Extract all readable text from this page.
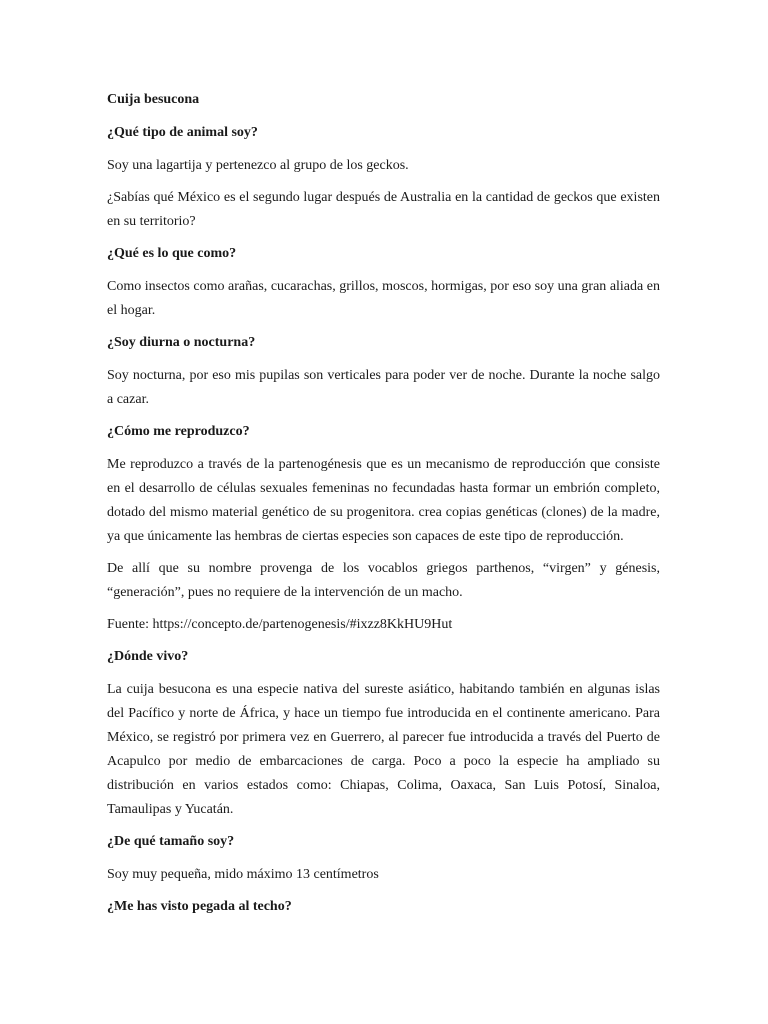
Cuija besucona
¿Qué tipo de animal soy?

Soy una lagartija y pertenezco al grupo de los geckos.

¿Sabías qué México es el segundo lugar después de Australia en la cantidad de geckos que existen en su territorio?

¿Qué es lo que como?

Como insectos como arañas, cucarachas, grillos, moscos, hormigas, por eso soy una gran aliada en el hogar.

¿Soy diurna o nocturna?

Soy nocturna, por eso mis pupilas son verticales para poder ver de noche. Durante la noche salgo a cazar.

¿Cómo me reproduzco?

Me reproduzco a través de la partenogénesis que es un mecanismo de reproducción que consiste en el desarrollo de células sexuales femeninas no fecundadas hasta formar un embrión completo, dotado del mismo material genético de su progenitora. crea copias genéticas (clones) de la madre, ya que únicamente las hembras de ciertas especies son capaces de este tipo de reproducción.

De allí que su nombre provenga de los vocablos griegos parthenos, “virgen” y génesis, “generación”, pues no requiere de la intervención de un macho.

Fuente: https://concepto.de/partenogenesis/#ixzz8KkHU9Hut

¿Dónde vivo?

La cuija besucona es una especie nativa del sureste asiático, habitando también en algunas islas del Pacífico y norte de África, y hace un tiempo fue introducida en el continente americano. Para México, se registró por primera vez en Guerrero, al parecer fue introducida a través del Puerto de Acapulco por medio de embarcaciones de carga. Poco a poco la especie ha ampliado su distribución en varios estados como: Chiapas, Colima, Oaxaca, San Luis Potosí, Sinaloa, Tamaulipas y Yucatán.

¿De qué tamaño soy?

Soy muy pequeña, mido máximo 13 centímetros

¿Me has visto pegada al techo?
